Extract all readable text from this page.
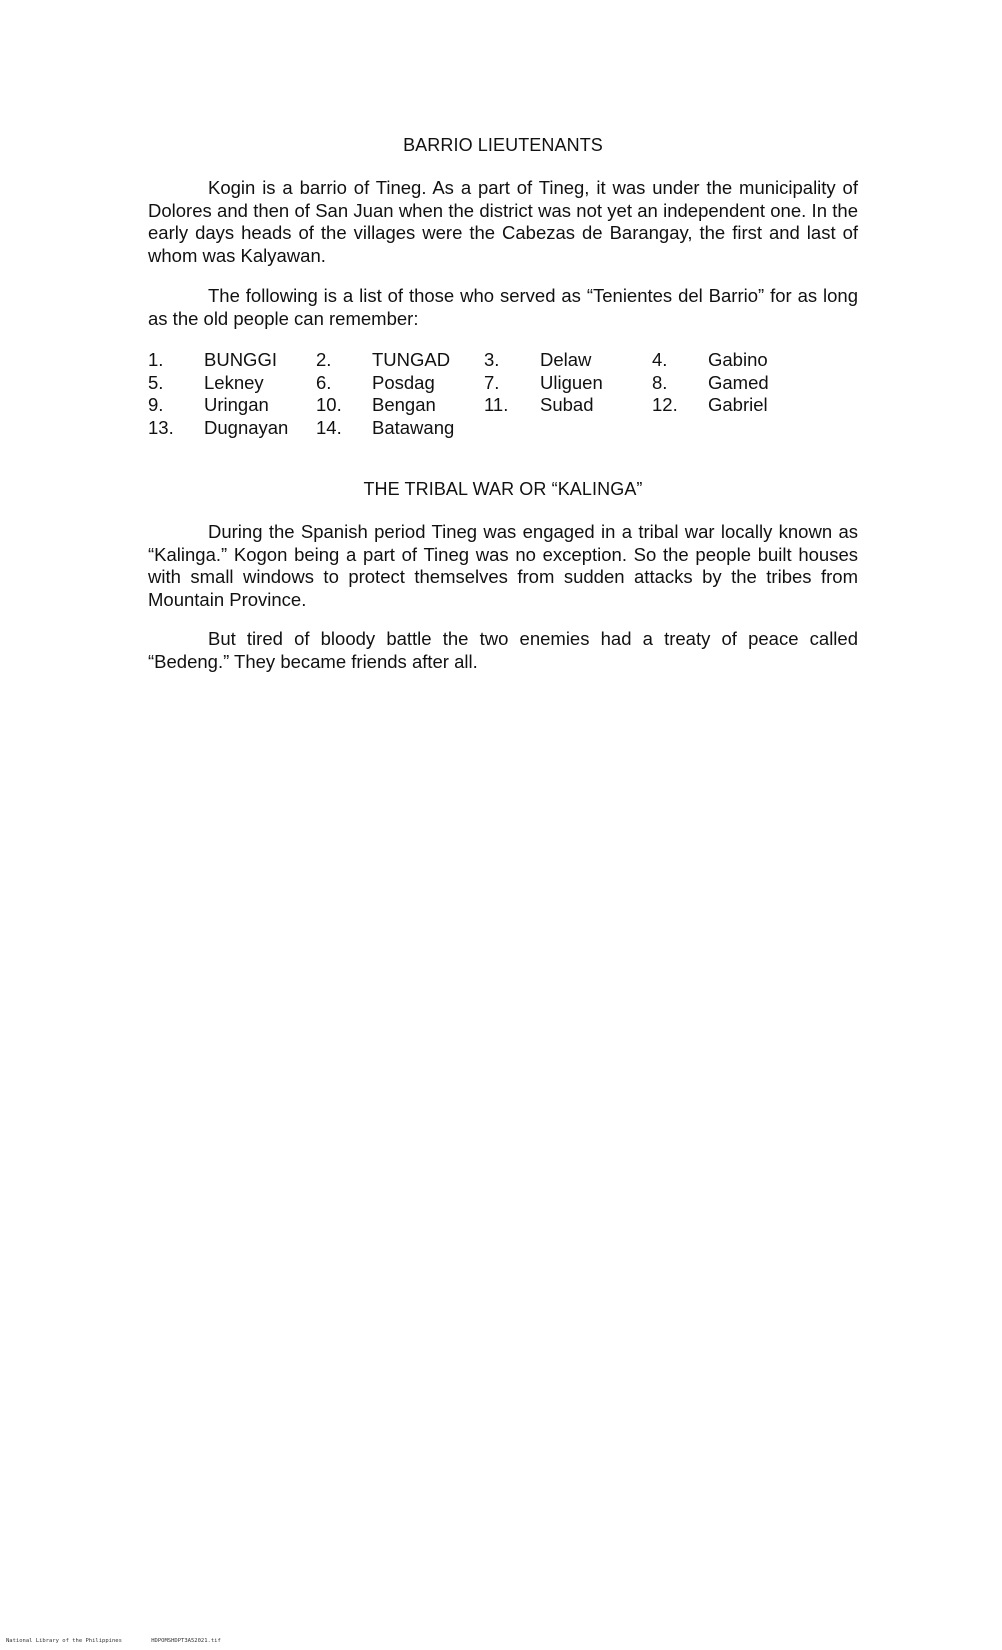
BARRIO LIEUTENANTS

Kogin is a barrio of Tineg. As a part of Tineg, it was under the municipality of Dolores and then of San Juan when the district was not yet an independent one. In the early days heads of the villages were the Cabezas de Barangay, the first and last of whom was Kalyawan.

The following is a list of those who served as “Tenientes del Barrio” for as long as the old people can remember:

1. BUNGGI 2. TUNGAD 3. Delaw	4. Gabino
5. Lekney	6. Posdag	7. Uliguen	8. Gamed
9. Uringan	10. Bengan	11. Subad	12. Gabriel
13. Dugnayan 14. Batawang
THE TRIBAL WAR OR “KALINGA”

During the Spanish period Tineg was engaged in a tribal war locally known as “Kalinga.” Kogon being a part of Tineg was no exception. So the people built houses with small windows to protect themselves from sudden attacks by the tribes from Mountain Province.

But tired of bloody battle the two enemies had a treaty of peace called “Bedeng.” They became friends after all.

National Library of the Philippines	HDPOMSHDPT3A52021.tif
